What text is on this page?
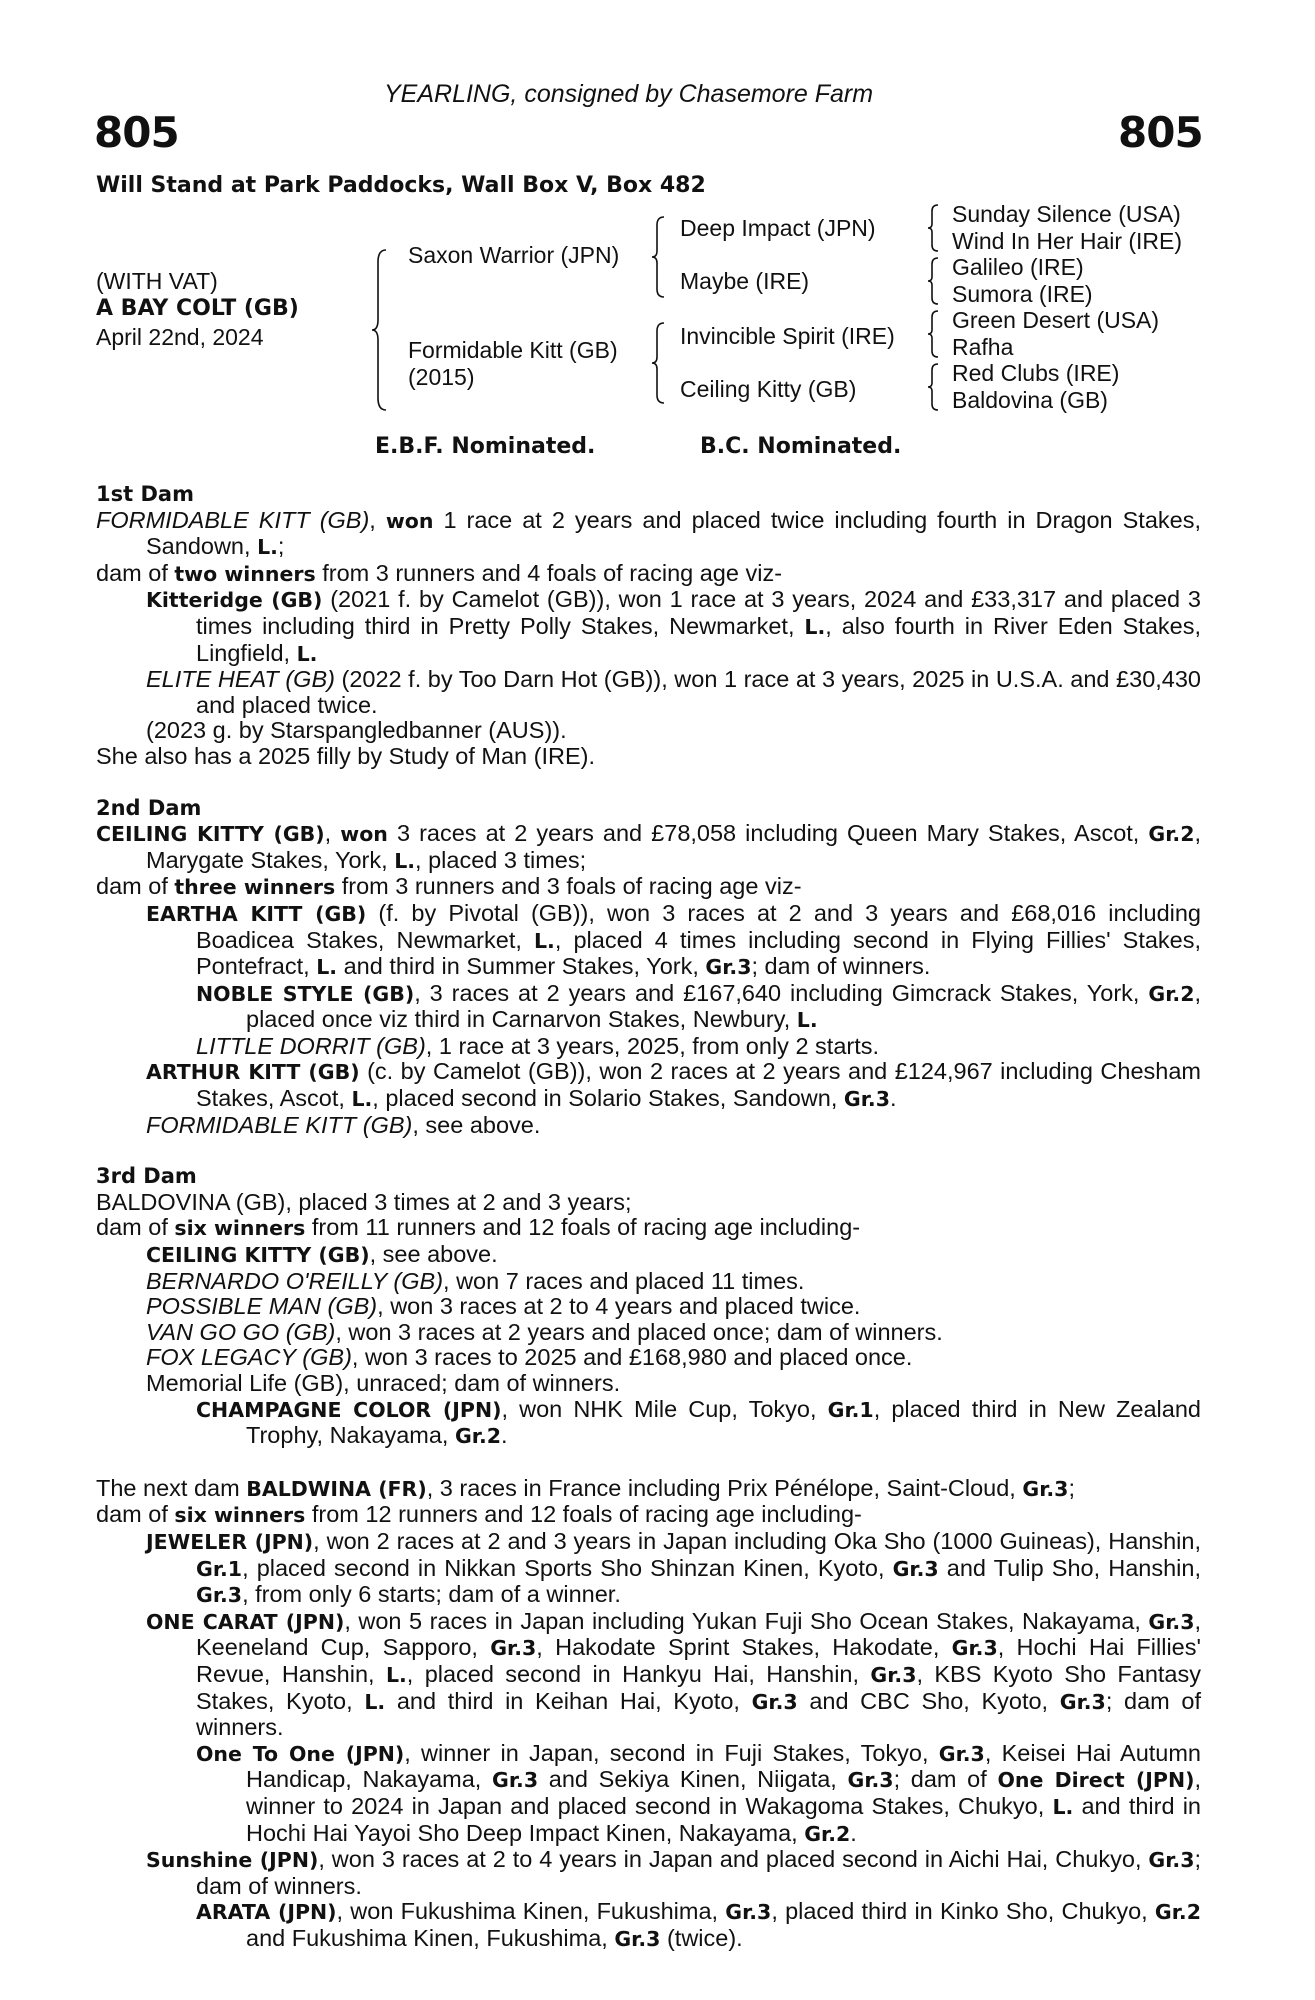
YEARLING, consigned by Chasemore Farm
805	805
Will Stand at Park Paddocks, Wall Box V, Box 482
(WITH VAT)
A BAY COLT (GB)
April 22nd, 2024
Saxon Warrior (JPN)
Formidable Kitt (GB)
(2015)
Deep Impact (JPN)
Maybe (IRE)
Invincible Spirit (IRE)
Ceiling Kitty (GB)
Sunday Silence (USA)
Wind In Her Hair (IRE)
Galileo (IRE)
Sumora (IRE)
Green Desert (USA)
Rafha
Red Clubs (IRE)
Baldovina (GB)
E.B.F. Nominated.	B.C. Nominated.

1st Dam

FORMIDABLE KITT (GB), won 1 race at 2 years and placed twice including fourth in Dragon Stakes, Sandown, L.;

dam of two winners from 3 runners and 4 foals of racing age viz-

Kitteridge (GB) (2021 f. by Camelot (GB)), won 1 race at 3 years, 2024 and £33,317 and placed 3 times including third in Pretty Polly Stakes, Newmarket, L., also fourth in River Eden Stakes, Lingfield, L.

ELITE HEAT (GB) (2022 f. by Too Darn Hot (GB)), won 1 race at 3 years, 2025 in U.S.A. and £30,430 and placed twice.

(2023 g. by Starspangledbanner (AUS)).

She also has a 2025 filly by Study of Man (IRE).

2nd Dam

CEILING KITTY (GB), won 3 races at 2 years and £78,058 including Queen Mary Stakes, Ascot, Gr.2, Marygate Stakes, York, L., placed 3 times;

dam of three winners from 3 runners and 3 foals of racing age viz-

EARTHA KITT (GB) (f. by Pivotal (GB)), won 3 races at 2 and 3 years and £68,016 including Boadicea Stakes, Newmarket, L., placed 4 times including second in Flying Fillies' Stakes, Pontefract, L. and third in Summer Stakes, York, Gr.3; dam of winners.

NOBLE STYLE (GB), 3 races at 2 years and £167,640 including Gimcrack Stakes, York, Gr.2, placed once viz third in Carnarvon Stakes, Newbury, L.

LITTLE DORRIT (GB), 1 race at 3 years, 2025, from only 2 starts.

ARTHUR KITT (GB) (c. by Camelot (GB)), won 2 races at 2 years and £124,967 including Chesham Stakes, Ascot, L., placed second in Solario Stakes, Sandown, Gr.3.

FORMIDABLE KITT (GB), see above.

3rd Dam

BALDOVINA (GB), placed 3 times at 2 and 3 years;

dam of six winners from 11 runners and 12 foals of racing age including-

CEILING KITTY (GB), see above.

BERNARDO O'REILLY (GB), won 7 races and placed 11 times.

POSSIBLE MAN (GB), won 3 races at 2 to 4 years and placed twice.

VAN GO GO (GB), won 3 races at 2 years and placed once; dam of winners.

FOX LEGACY (GB), won 3 races to 2025 and £168,980 and placed once.

Memorial Life (GB), unraced; dam of winners.

CHAMPAGNE COLOR (JPN), won NHK Mile Cup, Tokyo, Gr.1, placed third in New Zealand Trophy, Nakayama, Gr.2.

The next dam BALDWINA (FR), 3 races in France including Prix Pénélope, Saint-Cloud, Gr.3;

dam of six winners from 12 runners and 12 foals of racing age including-

JEWELER (JPN), won 2 races at 2 and 3 years in Japan including Oka Sho (1000 Guineas), Hanshin, Gr.1, placed second in Nikkan Sports Sho Shinzan Kinen, Kyoto, Gr.3 and Tulip Sho, Hanshin, Gr.3, from only 6 starts; dam of a winner.

ONE CARAT (JPN), won 5 races in Japan including Yukan Fuji Sho Ocean Stakes, Nakayama, Gr.3, Keeneland Cup, Sapporo, Gr.3, Hakodate Sprint Stakes, Hakodate, Gr.3, Hochi Hai Fillies' Revue, Hanshin, L., placed second in Hankyu Hai, Hanshin, Gr.3, KBS Kyoto Sho Fantasy Stakes, Kyoto, L. and third in Keihan Hai, Kyoto, Gr.3 and CBC Sho, Kyoto, Gr.3; dam of winners.

One To One (JPN), winner in Japan, second in Fuji Stakes, Tokyo, Gr.3, Keisei Hai Autumn Handicap, Nakayama, Gr.3 and Sekiya Kinen, Niigata, Gr.3; dam of One Direct (JPN), winner to 2024 in Japan and placed second in Wakagoma Stakes, Chukyo, L. and third in Hochi Hai Yayoi Sho Deep Impact Kinen, Nakayama, Gr.2.

Sunshine (JPN), won 3 races at 2 to 4 years in Japan and placed second in Aichi Hai, Chukyo, Gr.3; dam of winners.

ARATA (JPN), won Fukushima Kinen, Fukushima, Gr.3, placed third in Kinko Sho, Chukyo, Gr.2 and Fukushima Kinen, Fukushima, Gr.3 (twice).
